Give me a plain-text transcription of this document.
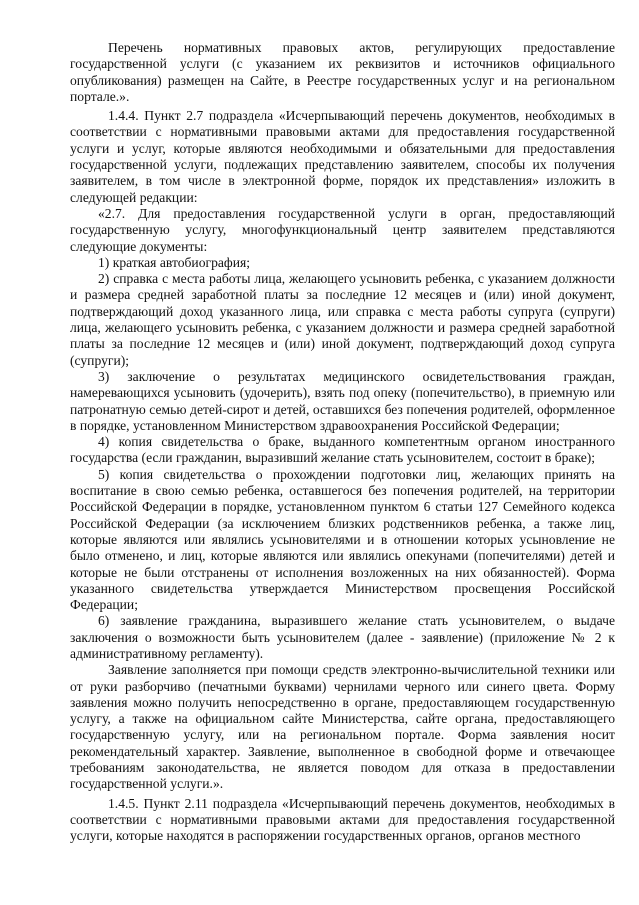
Перечень нормативных правовых актов, регулирующих предоставление государственной услуги (с указанием их реквизитов и источников официального опубликования) размещен на Сайте, в Реестре государственных услуг и на региональном портале.».

1.4.4. Пункт 2.7 подраздела «Исчерпывающий перечень документов, необходимых в соответствии с нормативными правовыми актами для предоставления государственной услуги и услуг, которые являются необходимыми и обязательными для предоставления государственной услуги, подлежащих представлению заявителем, способы их получения заявителем, в том числе в электронной форме, порядок их представления» изложить в следующей редакции:

«2.7. Для предоставления государственной услуги в орган, предоставляющий государственную услугу, многофункциональный центр заявителем представляются следующие документы:

1) краткая автобиография;

2) справка с места работы лица, желающего усыновить ребенка, с указанием должности и размера средней заработной платы за последние 12 месяцев и (или) иной документ, подтверждающий доход указанного лица, или справка с места работы супруга (супруги) лица, желающего усыновить ребенка, с указанием должности и размера средней заработной платы за последние 12 месяцев и (или) иной документ, подтверждающий доход супруга (супруги);

3) заключение о результатах медицинского освидетельствования граждан, намеревающихся усыновить (удочерить), взять под опеку (попечительство), в приемную или патронатную семью детей-сирот и детей, оставшихся без попечения родителей, оформленное в порядке, установленном Министерством здравоохранения Российской Федерации;

4) копия свидетельства о браке, выданного компетентным органом иностранного государства (если гражданин, выразивший желание стать усыновителем, состоит в браке);

5) копия свидетельства о прохождении подготовки лиц, желающих принять на воспитание в свою семью ребенка, оставшегося без попечения родителей, на территории Российской Федерации в порядке, установленном пунктом 6 статьи 127 Семейного кодекса Российской Федерации (за исключением близких родственников ребенка, а также лиц, которые являются или являлись усыновителями и в отношении которых усыновление не было отменено, и лиц, которые являются или являлись опекунами (попечителями) детей и которые не были отстранены от исполнения возложенных на них обязанностей). Форма указанного свидетельства утверждается Министерством просвещения Российской Федерации;

6) заявление гражданина, выразившего желание стать усыновителем, о выдаче заключения о возможности быть усыновителем (далее - заявление) (приложение № 2 к административному регламенту).

Заявление заполняется при помощи средств электронно-вычислительной техники или от руки разборчиво (печатными буквами) чернилами черного или синего цвета. Форму заявления можно получить непосредственно в органе, предоставляющем государственную услугу, а также на официальном сайте Министерства, сайте органа, предоставляющего государственную услугу, или на региональном портале. Форма заявления носит рекомендательный характер. Заявление, выполненное в свободной форме и отвечающее требованиям законодательства, не является поводом для отказа в предоставлении государственной услуги.».

1.4.5. Пункт 2.11 подраздела «Исчерпывающий перечень документов, необходимых в соответствии с нормативными правовыми актами для предоставления государственной услуги, которые находятся в распоряжении государственных органов, органов местного
